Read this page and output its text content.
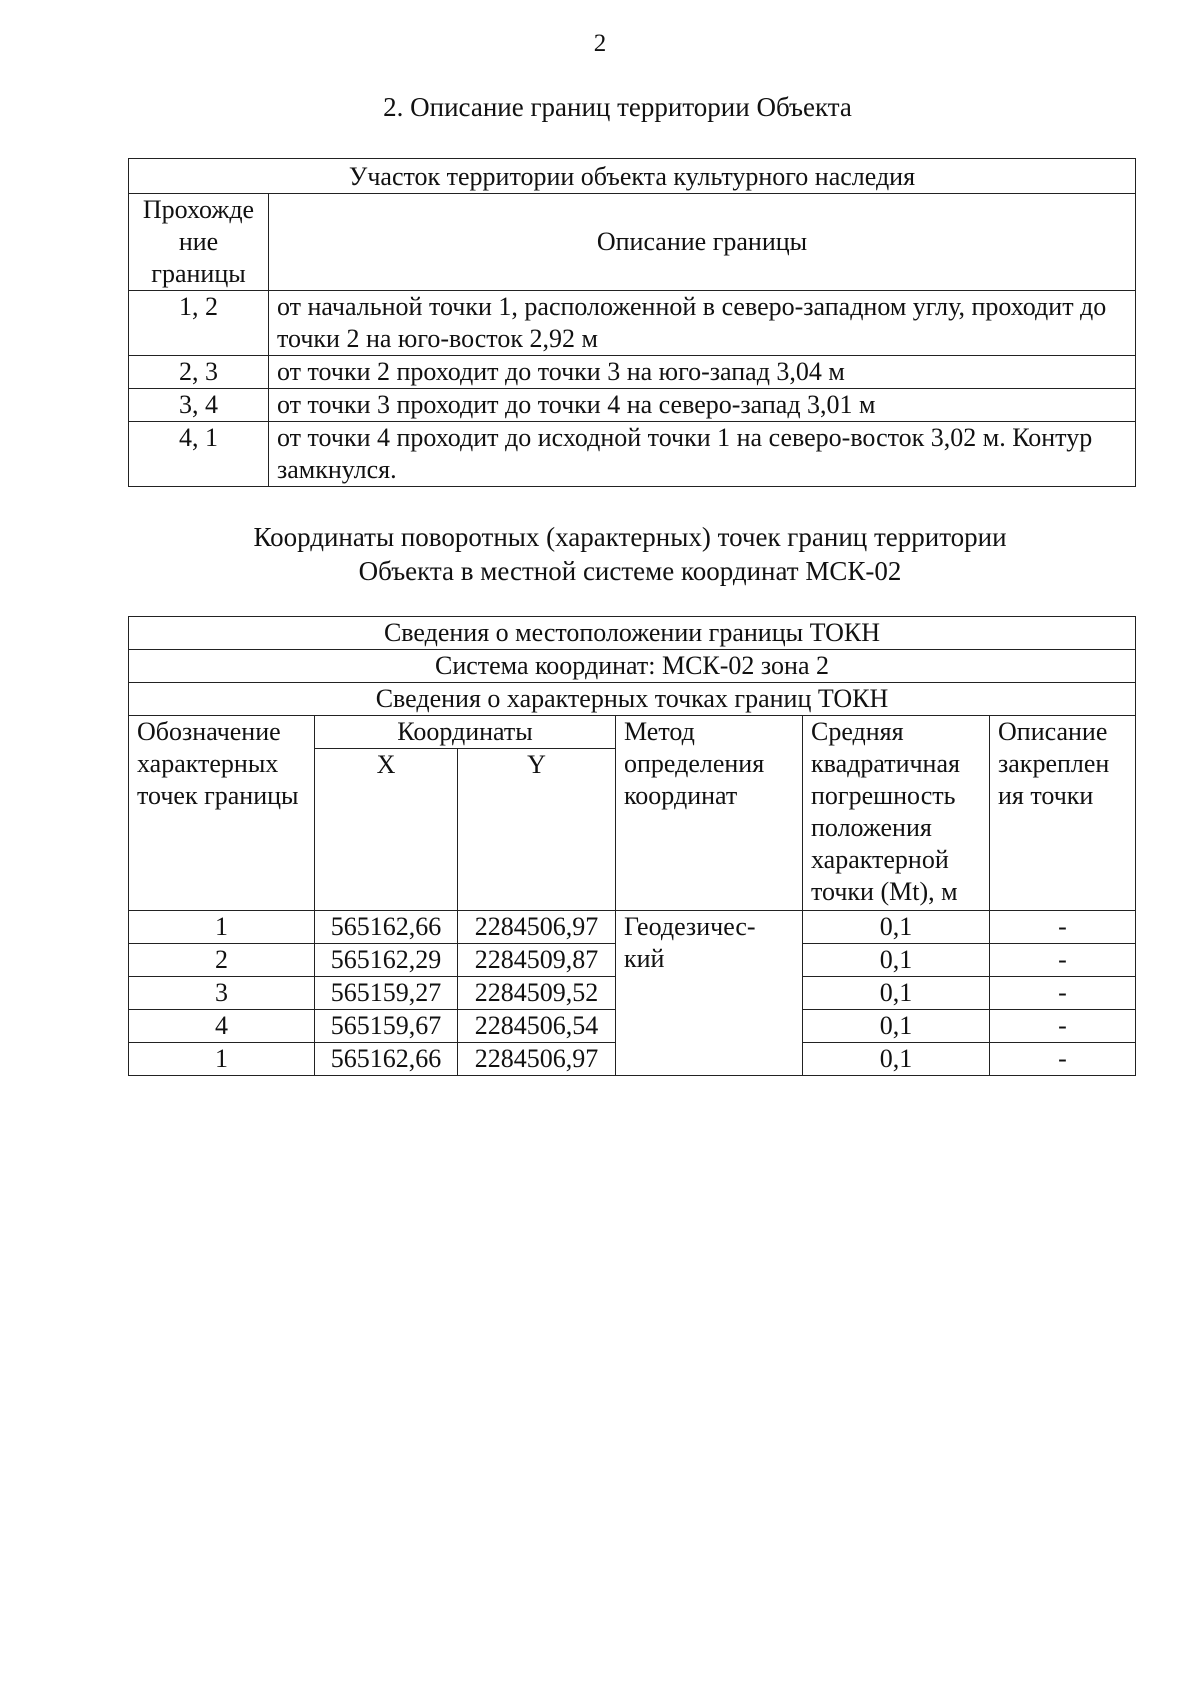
2
2. Описание границ территории Объекта
Участок территории объекта культурного наследия	
Прохожде ние границы	Описание границы
1, 2	от начальной точки 1, расположенной в северо-западном углу, проходит до точки 2 на юго-восток 2,92 м
2, 3	от точки 2 проходит до точки 3 на юго-запад 3,04 м
3, 4	от точки 3 проходит до точки 4 на северо-запад 3,01 м
4, 1	от точки 4 проходит до исходной точки 1 на северо-восток 3,02 м. Контур замкнулся.
Координаты поворотных (характерных) точек границ территории
Объекта в местной системе координат МСК-02
Сведения о местоположении границы ТОКН					
Система координат: МСК-02 зона 2					
Сведения о характерных точках границ ТОКН					
Обозначение характерных точек границы	Координаты		Метод определения координат	Средняя квадратичная погрешность положения характерной точки (Mt), м	Описание закреплен ия точки
	X	Y			
1	565162,66	2284506,97	Геодезичес- кий	0,1	-
2	565162,29	2284509,87		0,1	-
3	565159,27	2284509,52		0,1	-
4	565159,67	2284506,54		0,1	-
1	565162,66	2284506,97		0,1	-
